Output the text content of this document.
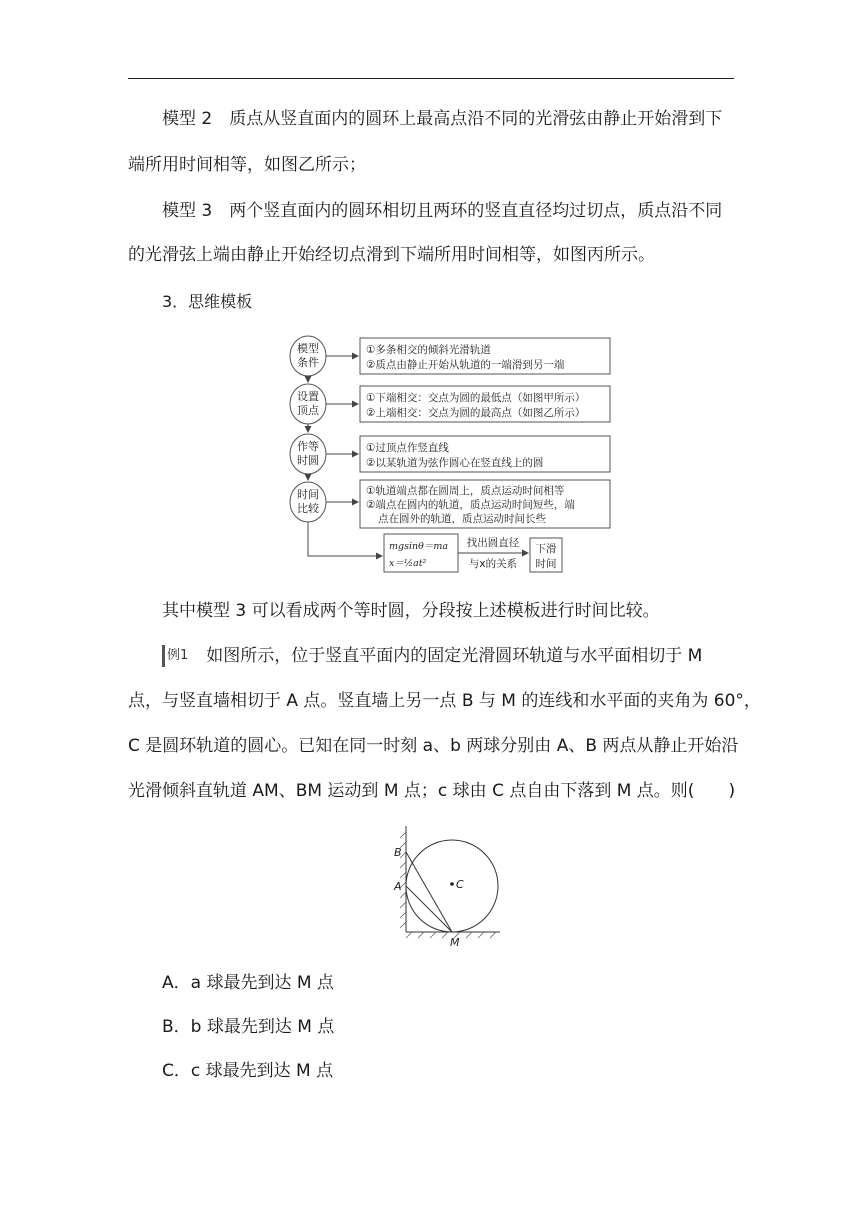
模型 2　质点从竖直面内的圆环上最高点沿不同的光滑弦由静止开始滑到下
端所用时间相等，如图乙所示；
模型 3　两个竖直面内的圆环相切且两环的竖直直径均过切点，质点沿不同
的光滑弦上端由静止开始经切点滑到下端所用时间相等，如图丙所示。
3．思维模板
模型
条件
设置
顶点
作等
时圆
时间
比较
①多条相交的倾斜光滑轨道
②质点由静止开始从轨道的一端滑到另一端
①下端相交：交点为圆的最低点（如图甲所示）
②上端相交：交点为圆的最高点（如图乙所示）
①过顶点作竖直线
②以某轨道为弦作圆心在竖直线上的圆
①轨道端点都在圆周上，质点运动时间相等
②端点在圆内的轨道，质点运动时间短些，端
点在圆外的轨道，质点运动时间长些
mgsinθ＝ma
x＝½at²
找出圆直径
与x的关系
下滑
时间
其中模型 3 可以看成两个等时圆，分段按上述模板进行时间比较。
例1 如图所示，位于竖直平面内的固定光滑圆环轨道与水平面相切于 M
点，与竖直墙相切于 A 点。竖直墙上另一点 B 与 M 的连线和水平面的夹角为 60°，
C 是圆环轨道的圆心。已知在同一时刻 a、b 两球分别由 A、B 两点从静止开始沿
光滑倾斜直轨道 AM、BM 运动到 M 点；c 球由 C 点自由下落到 M 点。则(　　)
B
A	C
M
A．a 球最先到达 M 点
B．b 球最先到达 M 点
C．c 球最先到达 M 点
